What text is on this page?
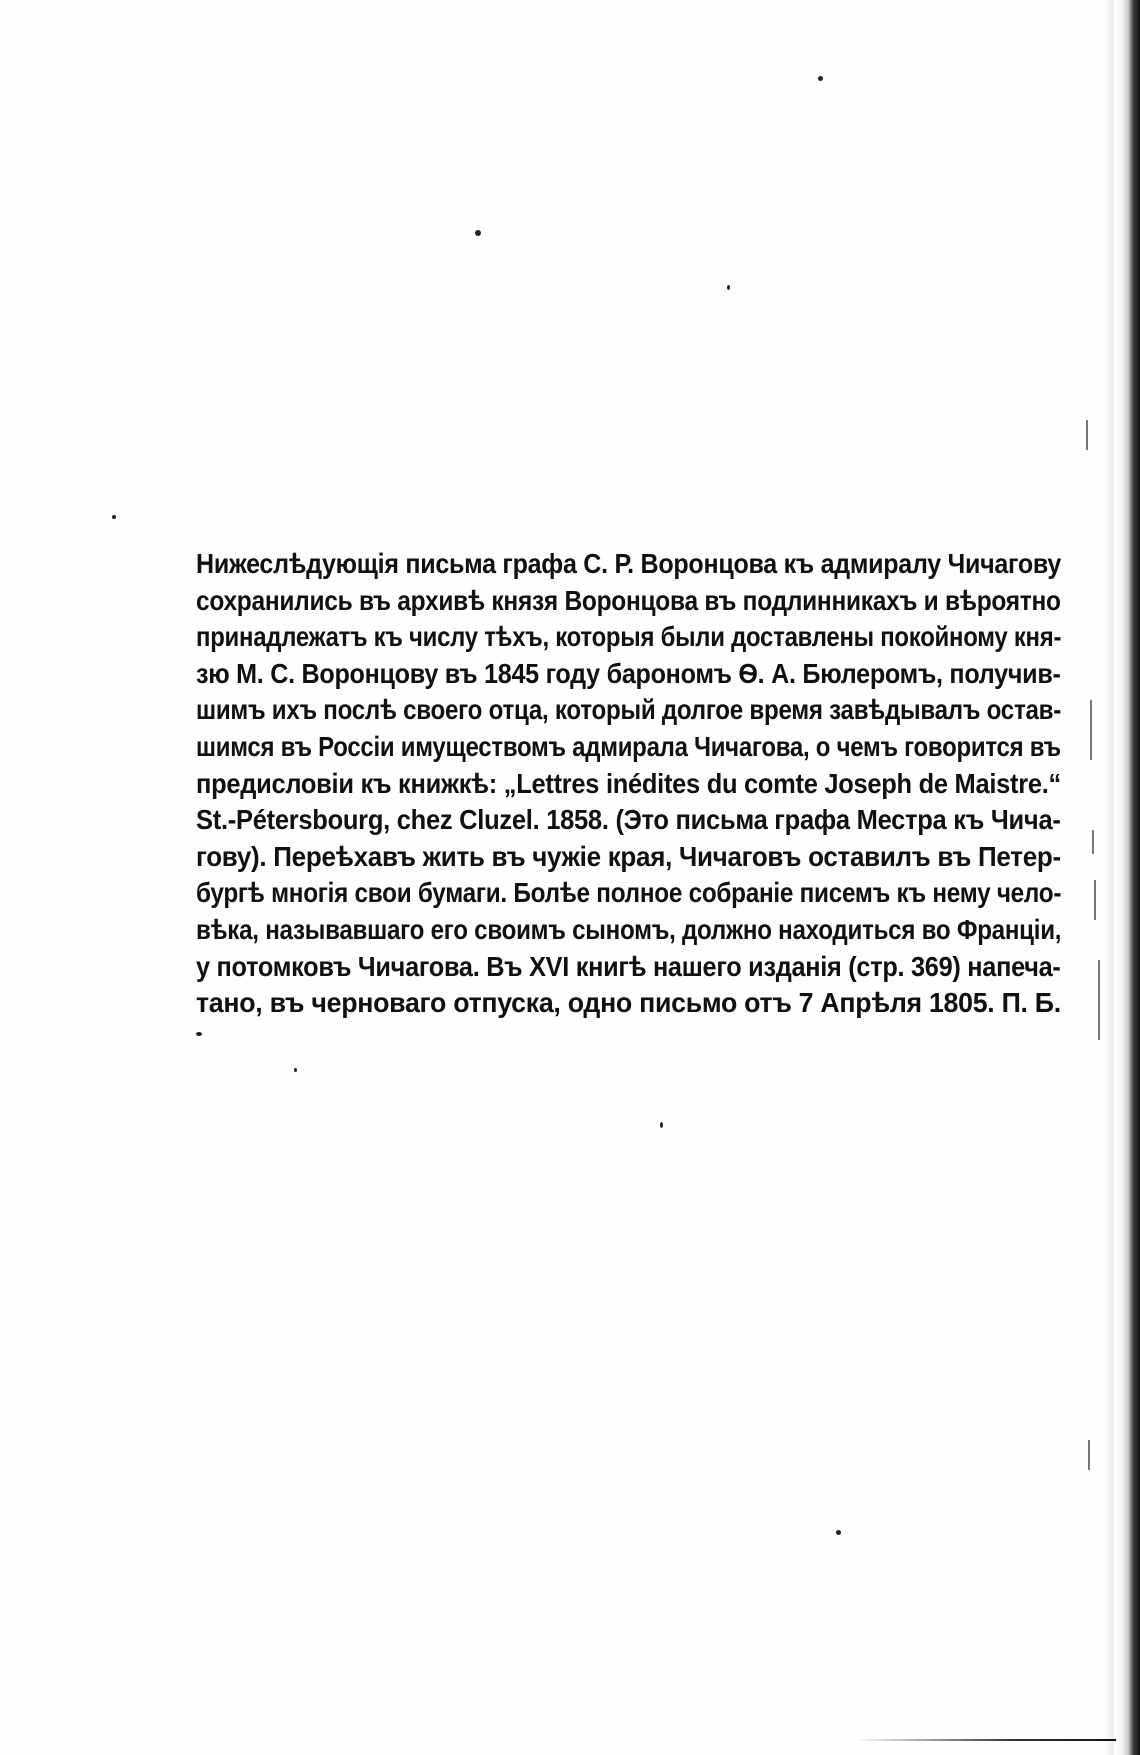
Нижеслѣдующія письма графа С. Р. Воронцова къ адмиралу Чичагову
сохранились въ архивѣ князя Воронцова въ подлинникахъ и вѣроятно
принадлежатъ къ числу тѣхъ, которыя были доставлены покойному кня-
зю М. С. Воронцову въ 1845 году барономъ Ѳ. А. Бюлеромъ, получив-
шимъ ихъ послѣ своего отца, который долгое время завѣдывалъ остав-
шимся въ Россіи имуществомъ адмирала Чичагова, о чемъ говорится въ
предисловіи къ книжкѣ: „Lettres inédites du comte Joseph de Maistre.“
St.-Pétersbourg, chez Cluzel. 1858. (Это письма графа Местра къ Чича-
гову). Переѣхавъ жить въ чужіе края, Чичаговъ оставилъ въ Петер-
бургѣ многія свои бумаги. Болѣе полное собраніе писемъ къ нему чело-
вѣка, называвшаго его своимъ сыномъ, должно находиться во Франціи,
у потомковъ Чичагова. Въ XVI книгѣ нашего изданія (стр. 369) напеча-
тано, въ черноваго отпуска, одно письмо отъ 7 Апрѣля 1805. П. Б.
